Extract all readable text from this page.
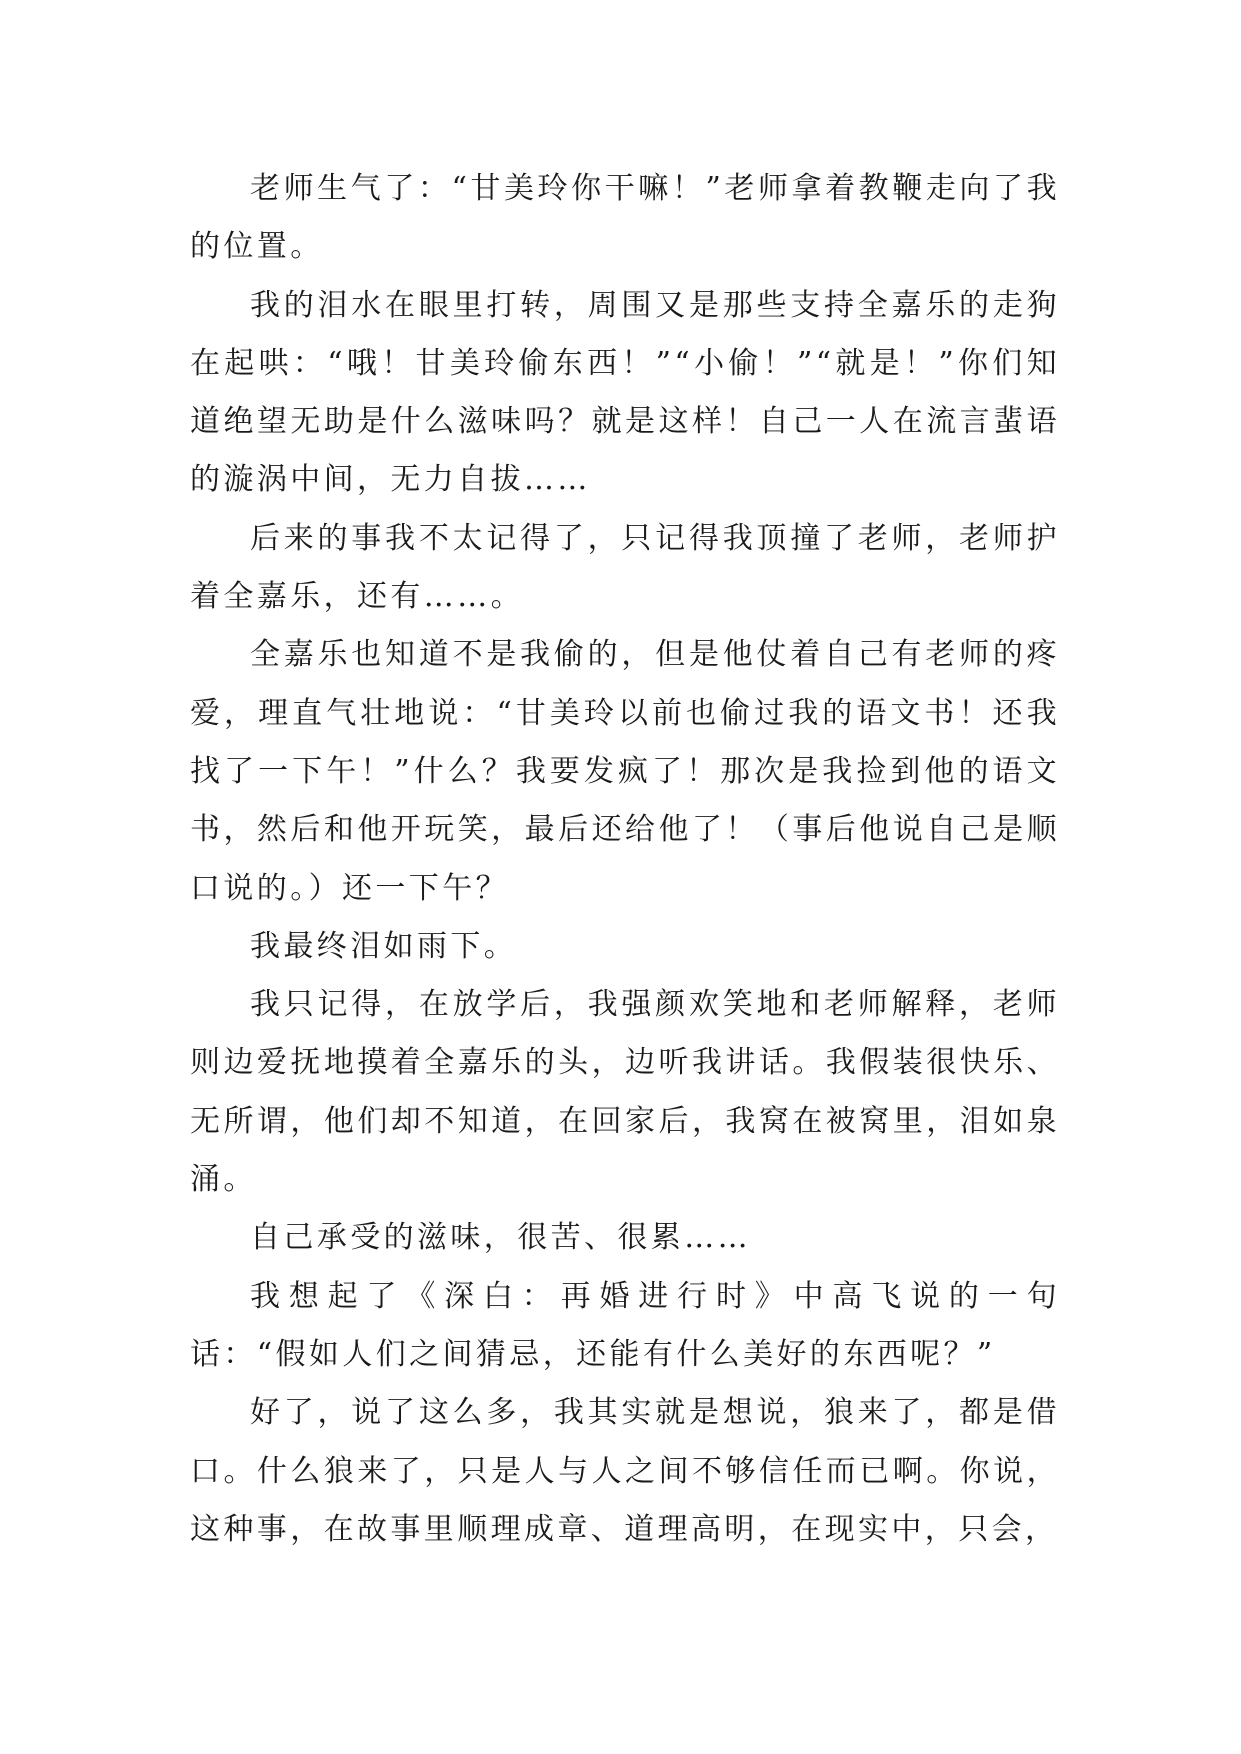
老师生气了：“甘美玲你干嘛！”老师拿着教鞭走向了我的位置。

我的泪水在眼里打转，周围又是那些支持全嘉乐的走狗在起哄：“哦！甘美玲偷东西！”“小偷！”“就是！”你们知道绝望无助是什么滋味吗？就是这样！自己一人在流言蜚语的漩涡中间，无力自拔……

后来的事我不太记得了，只记得我顶撞了老师，老师护着全嘉乐，还有……。

全嘉乐也知道不是我偷的，但是他仗着自己有老师的疼爱，理直气壮地说：“甘美玲以前也偷过我的语文书！还我找了一下午！”什么？我要发疯了！那次是我捡到他的语文书，然后和他开玩笑，最后还给他了！（事后他说自己是顺口说的。）还一下午？

我最终泪如雨下。

我只记得，在放学后，我强颜欢笑地和老师解释，老师则边爱抚地摸着全嘉乐的头，边听我讲话。我假装很快乐、无所谓，他们却不知道，在回家后，我窝在被窝里，泪如泉涌。

自己承受的滋味，很苦、很累……

我想起了《深白：再婚进行时》中高飞说的一句话：“假如人们之间猜忌，还能有什么美好的东西呢？”

好了，说了这么多，我其实就是想说，狼来了，都是借口。什么狼来了，只是人与人之间不够信任而已啊。你说，这种事，在故事里顺理成章、道理高明，在现实中，只会，
